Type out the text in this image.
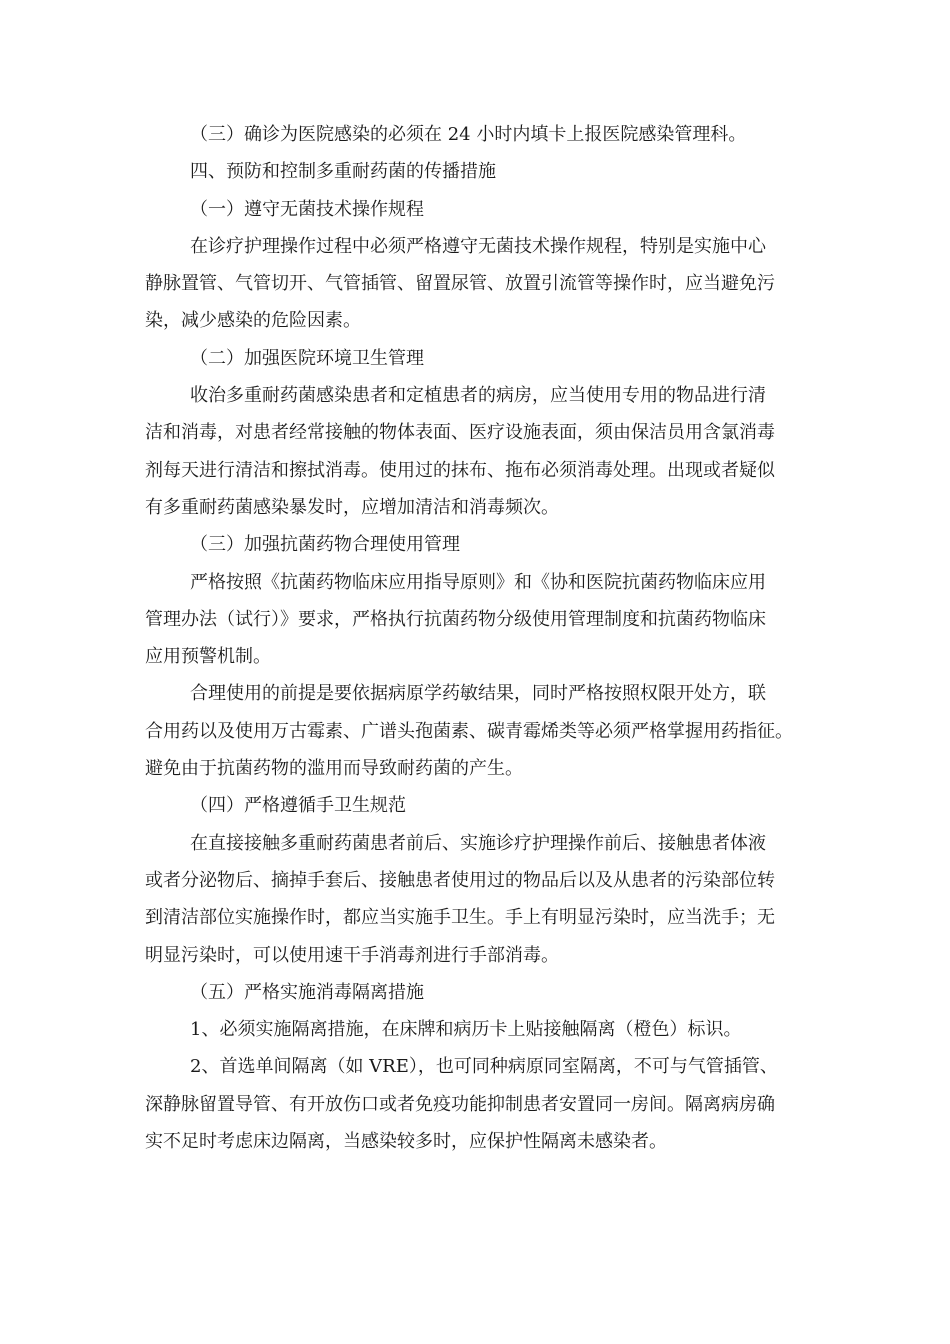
（三）确诊为医院感染的必须在 24 小时内填卡上报医院感染管理科。

四、预防和控制多重耐药菌的传播措施

（一）遵守无菌技术操作规程

在诊疗护理操作过程中必须严格遵守无菌技术操作规程，特别是实施中心
静脉置管、气管切开、气管插管、留置尿管、放置引流管等操作时，应当避免污
染，减少感染的危险因素。

（二）加强医院环境卫生管理

收治多重耐药菌感染患者和定植患者的病房，应当使用专用的物品进行清
洁和消毒，对患者经常接触的物体表面、医疗设施表面，须由保洁员用含氯消毒
剂每天进行清洁和擦拭消毒。使用过的抹布、拖布必须消毒处理。出现或者疑似
有多重耐药菌感染暴发时，应增加清洁和消毒频次。

（三）加强抗菌药物合理使用管理

严格按照《抗菌药物临床应用指导原则》和《协和医院抗菌药物临床应用
管理办法（试行）》要求，严格执行抗菌药物分级使用管理制度和抗菌药物临床
应用预警机制。

合理使用的前提是要依据病原学药敏结果，同时严格按照权限开处方，联
合用药以及使用万古霉素、广谱头孢菌素、碳青霉烯类等必须严格掌握用药指征。
避免由于抗菌药物的滥用而导致耐药菌的产生。

（四）严格遵循手卫生规范

在直接接触多重耐药菌患者前后、实施诊疗护理操作前后、接触患者体液
或者分泌物后、摘掉手套后、接触患者使用过的物品后以及从患者的污染部位转
到清洁部位实施操作时，都应当实施手卫生。手上有明显污染时，应当洗手；无
明显污染时，可以使用速干手消毒剂进行手部消毒。

（五）严格实施消毒隔离措施

1、必须实施隔离措施，在床牌和病历卡上贴接触隔离（橙色）标识。

2、首选单间隔离（如 VRE），也可同种病原同室隔离，不可与气管插管、
深静脉留置导管、有开放伤口或者免疫功能抑制患者安置同一房间。隔离病房确
实不足时考虑床边隔离，当感染较多时，应保护性隔离未感染者。
